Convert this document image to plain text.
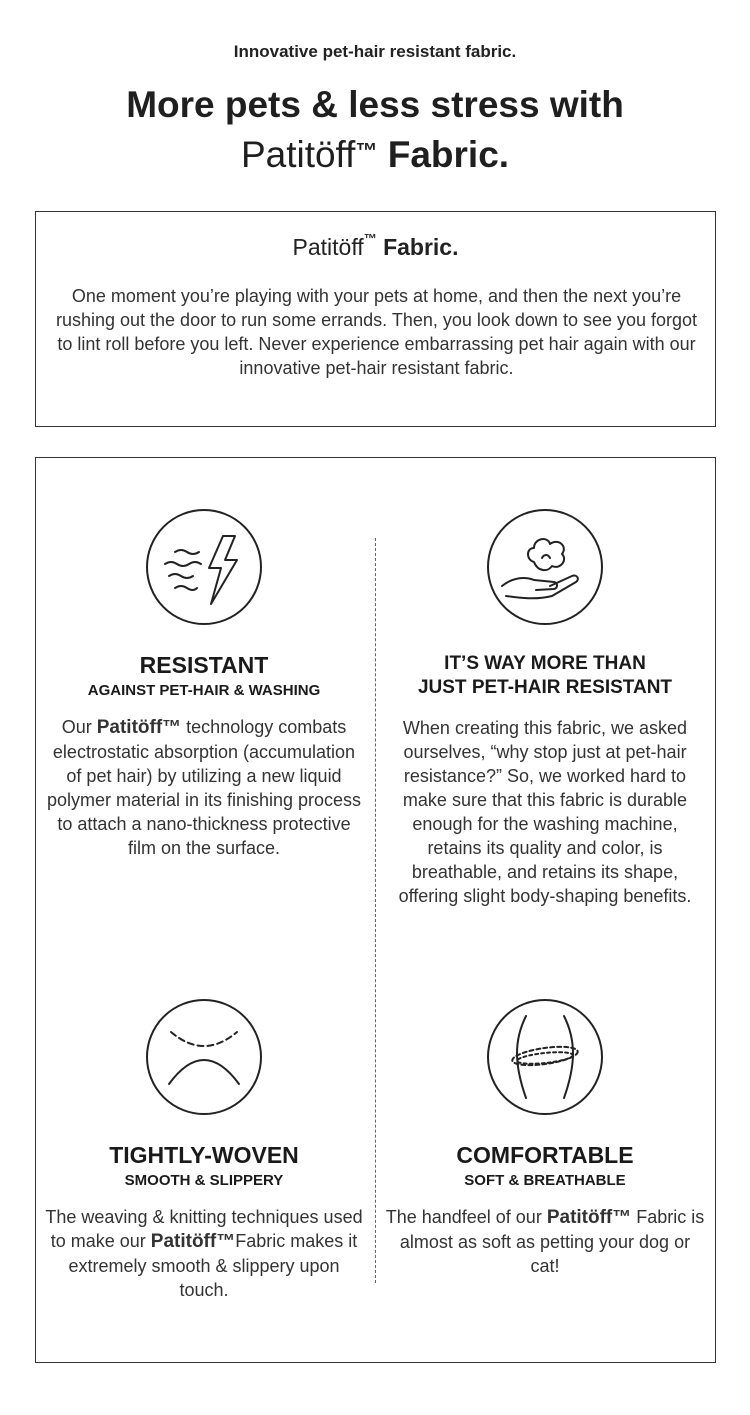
Innovative pet-hair resistant fabric.
More pets & less stress with
Patitöff™ Fabric.
Patitöff™ Fabric.
One moment you’re playing with your pets at home, and then the next you’re rushing out the door to run some errands. Then, you look down to see you forgot to lint roll before you left. Never experience embarrassing pet hair again with our innovative pet-hair resistant fabric.
RESISTANT
AGAINST PET-HAIR & WASHING
Our Patitöff™ technology combats electrostatic absorption (accumulation of pet hair) by utilizing a new liquid polymer material in its finishing process to attach a nano-thickness protective film on the surface.
IT’S WAY MORE THAN
JUST PET-HAIR RESISTANT
When creating this fabric, we asked ourselves, “why stop just at pet-hair resistance?” So, we worked hard to make sure that this fabric is durable enough for the washing machine, retains its quality and color, is breathable, and retains its shape, offering slight body-shaping benefits.
TIGHTLY-WOVEN
SMOOTH & SLIPPERY
The weaving & knitting techniques used to make our Patitöff™Fabric makes it extremely smooth & slippery upon touch.
COMFORTABLE
SOFT & BREATHABLE
The handfeel of our Patitöff™ Fabric is almost as soft as petting your dog or cat!
